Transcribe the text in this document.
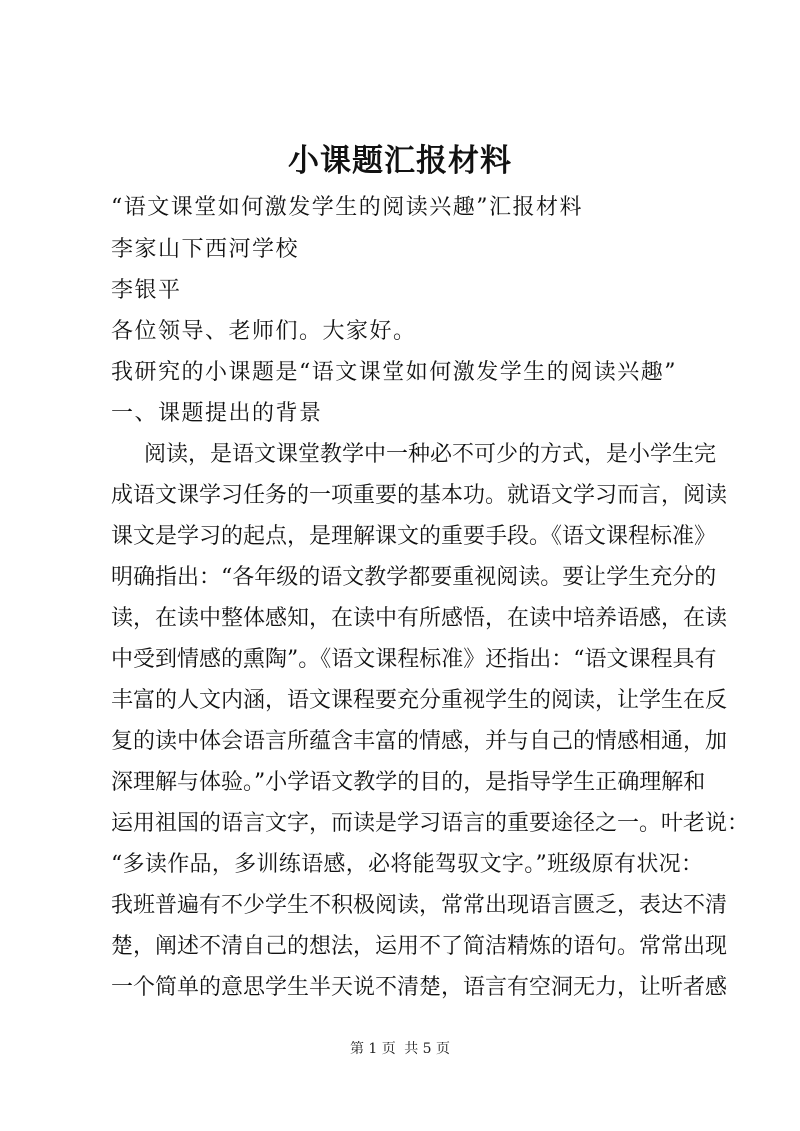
小课题汇报材料
“语文课堂如何激发学生的阅读兴趣”汇报材料
李家山下西河学校
李银平
各位领导、老师们。大家好。
我研究的小课题是“语文课堂如何激发学生的阅读兴趣”
一、课题提出的背景
阅读，是语文课堂教学中一种必不可少的方式，是小学生完
成语文课学习任务的一项重要的基本功。就语文学习而言，阅读
课文是学习的起点，是理解课文的重要手段。《语文课程标准》
明确指出：“各年级的语文教学都要重视阅读。要让学生充分的
读，在读中整体感知，在读中有所感悟，在读中培养语感，在读
中受到情感的熏陶”。《语文课程标准》还指出：“语文课程具有
丰富的人文内涵，语文课程要充分重视学生的阅读，让学生在反
复的读中体会语言所蕴含丰富的情感，并与自己的情感相通，加
深理解与体验。”小学语文教学的目的，是指导学生正确理解和
运用祖国的语言文字，而读是学习语言的重要途径之一。叶老说：
“多读作品，多训练语感，必将能驾驭文字。”班级原有状况：
我班普遍有不少学生不积极阅读，常常出现语言匮乏，表达不清
楚，阐述不清自己的想法，运用不了简洁精炼的语句。常常出现
一个简单的意思学生半天说不清楚，语言有空洞无力，让听者感
第 1 页 共 5 页
